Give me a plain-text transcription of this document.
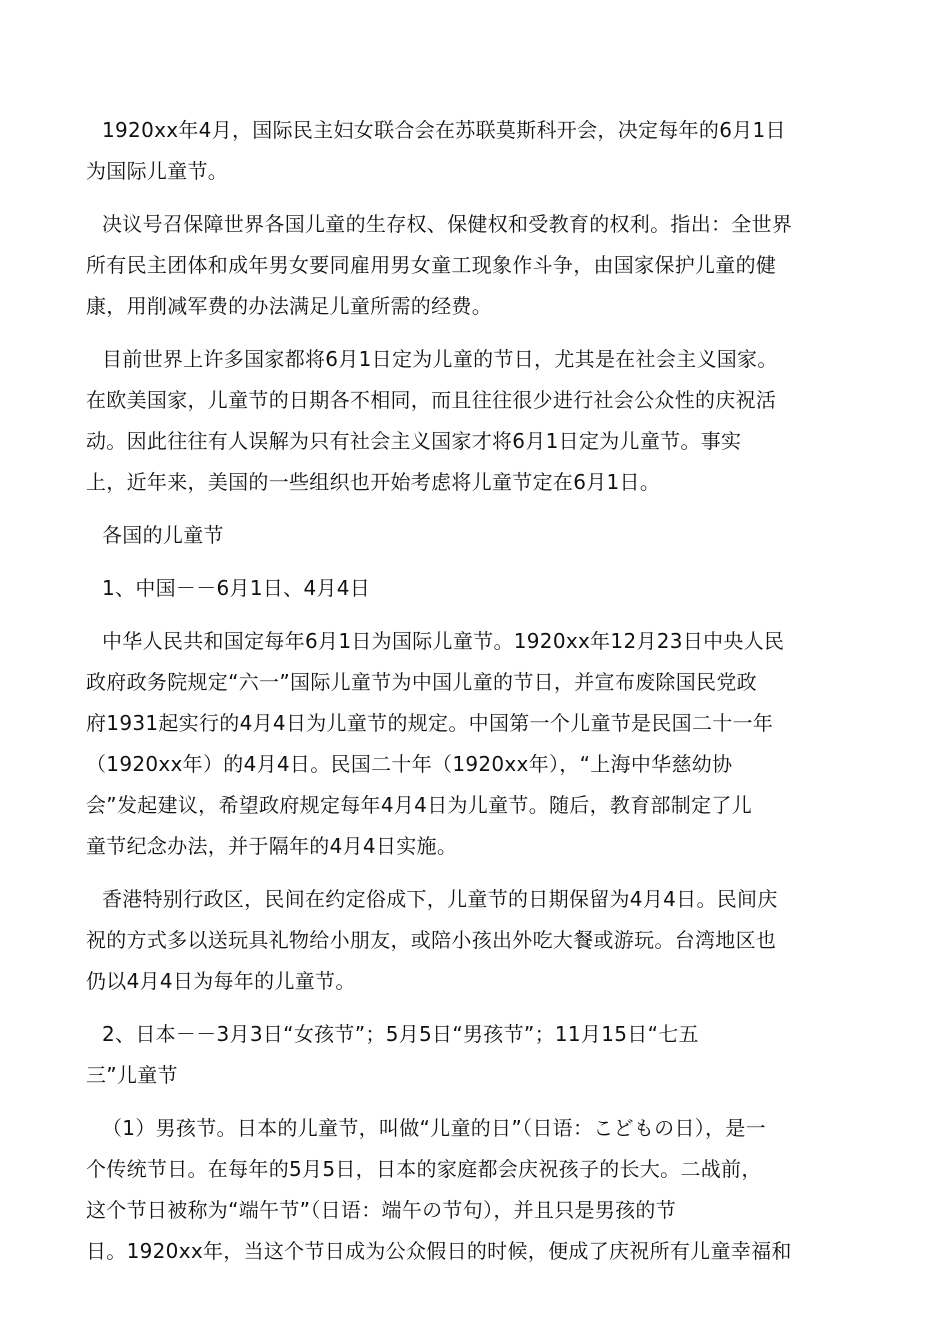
1920xx年4月，国际民主妇女联合会在苏联莫斯科开会，决定每年的6月1日
为国际儿童节。

决议号召保障世界各国儿童的生存权、保健权和受教育的权利。指出：全世界
所有民主团体和成年男女要同雇用男女童工现象作斗争，由国家保护儿童的健
康，用削减军费的办法满足儿童所需的经费。

目前世界上许多国家都将6月1日定为儿童的节日，尤其是在社会主义国家。
在欧美国家，儿童节的日期各不相同，而且往往很少进行社会公众性的庆祝活
动。因此往往有人误解为只有社会主义国家才将6月1日定为儿童节。事实
上，近年来，美国的一些组织也开始考虑将儿童节定在6月1日。

各国的儿童节

1、中国－－6月1日、4月4日

中华人民共和国定每年6月1日为国际儿童节。1920xx年12月23日中央人民
政府政务院规定“六一”国际儿童节为中国儿童的节日，并宣布废除国民党政
府1931起实行的4月4日为儿童节的规定。中国第一个儿童节是民国二十一年
（1920xx年）的4月4日。民国二十年（1920xx年），“上海中华慈幼协
会”发起建议，希望政府规定每年4月4日为儿童节。随后，教育部制定了儿
童节纪念办法，并于隔年的4月4日实施。

香港特别行政区，民间在约定俗成下，儿童节的日期保留为4月4日。民间庆
祝的方式多以送玩具礼物给小朋友，或陪小孩出外吃大餐或游玩。台湾地区也
仍以4月4日为每年的儿童节。

2、日本－－3月3日“女孩节”；5月5日“男孩节”；11月15日“七五
三”儿童节

（1）男孩节。日本的儿童节，叫做“儿童的日”（日语：こどもの日），是一
个传统节日。在每年的5月5日，日本的家庭都会庆祝孩子的长大。二战前，
这个节日被称为“端午节”（日语：端午の节句），并且只是男孩的节
日。1920xx年，当这个节日成为公众假日的时候，便成了庆祝所有儿童幸福和
